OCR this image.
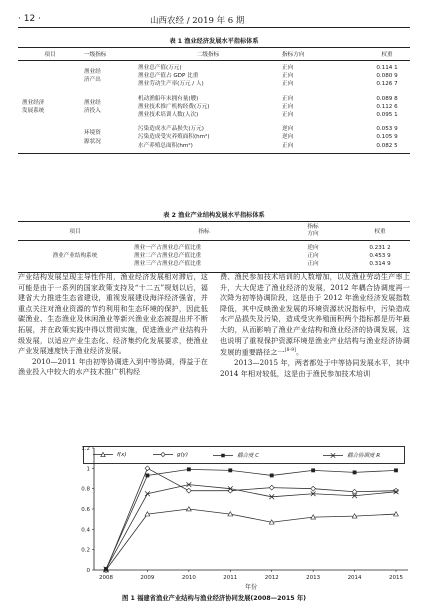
· 12 ·	山西农经 / 2019 年 6 期
表 1 渔业经济发展水平指标体系
项目	一级指标	二级指标	指标方向	权重
渔业经济
发展系统	渔业经
济产出	渔业总产值(万元)	正向	0.114 1
		渔业总产值占 GDP 比重	正向	0.080 9
		渔业劳动生产率(万元 / 人)	正向	0.126 7
	渔业经
济投入	机动渔船年末拥有量(艘)	正向	0.089 8
		渔业技术推广机构经费(万元)	正向	0.112 6
		渔业技术培训人数(人次)	正向	0.095 1
	环境资
源状况	污染造成水产品损失(万元)	逆向	0.053 9
		污染造成受灾养殖面积(hm²)	逆向	0.105 9
		水产养殖总面积(hm²)	正向	0.082 5
表 2 渔业产业结构发展水平指标体系
项目	指标	指标
方向	权重
渔业产业结构系统	渔业一产占渔业总产值比重	逆向	0.231 2
	渔业二产占渔业总产值比重	正向	0.453 9
	渔业三产占渔业总产值比重	正向	0.314 9
产业结构发展呈现主导性作用，渔业经济发展相对滞后，这可能是由于一系列的国家政策支持及“十二五”规划以后，福建省大力推进生态省建设，重视发展建设海洋经济强省，并重点关注对渔业资源的节约利用和生态环境的保护，因此低碳渔业、生态渔业及休闲渔业等新兴渔业业态被提出并不断拓展，并在政策实践中得以贯彻实施，促进渔业产业结构升级发展，以适应产业生态化、经济集约化发展要求，使渔业产业发展速度快于渔业经济发展。
2010—2011 年由初等协调进入到中等协调，得益于在渔业投入中较大的水产技术推广机构经
费、渔民参加技术培训的人数增加，以及渔业劳动生产率上升，大大促进了渔业经济的发展，2012 年耦合协调度再一次降为初等协调阶段，这是由于 2012 年渔业经济发展指数降低，其中反映渔业发展的环境资源状况指标中，污染造成水产品损失及污染，造成受灾养殖面积两个指标都是历年最大的，从而影响了渔业产业结构和渔业经济的协调发展，这也说明了重视保护资源环境是渔业产业结构与渔业经济协调发展的重要路径之一[8-9]。
2013—2015 年，两者都处于中等协同发展水平，其中 2014 年相对较低，这是由于渔民参加技术培训
f(x)	g(y)	耦合度 C	耦合协调度 R
0
0.2
0.4
0.6
0.8
1
1.2
2008	2009	2010	2011	2012	2013	2014	2015
年份
图 1 福建省渔业产业结构与渔业经济协同发展(2008—2015 年)
